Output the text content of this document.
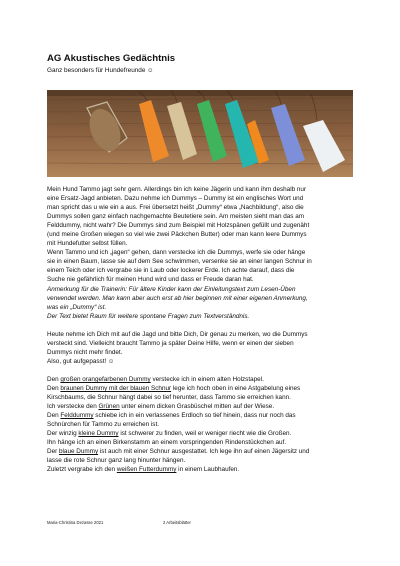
AG Akustisches Gedächtnis
Ganz besonders für Hundefreunde ☺

Mein Hund Tammo jagt sehr gern. Allerdings bin ich keine Jägerin und kann ihm deshalb nur

eine Ersatz-Jagd anbieten. Dazu nehme ich Dummys – Dummy ist ein englisches Wort und

man spricht das u wie ein a aus. Frei übersetzt heißt „Dummy“ etwa „Nachbildung“, also die

Dummys sollen ganz einfach nachgemachte Beutetiere sein. Am meisten sieht man das am

Felddummy, nicht wahr? Die Dummys sind zum Beispiel mit Holzspänen gefüllt und zugenäht

(und meine Großen wiegen so viel wie zwei Päckchen Butter) oder man kann leere Dummys

mit Hundefutter selbst füllen.

Wenn Tammo und ich „jagen“ gehen, dann verstecke ich die Dummys, werfe sie oder hänge

sie in einen Baum, lasse sie auf dem See schwimmen, versenke sie an einer langen Schnur in

einem Teich oder ich vergrabe sie in Laub oder lockerer Erde. Ich achte darauf, dass die

Suche nie gefährlich für meinen Hund wird und dass er Freude daran hat.

Anmerkung für die Trainerin: Für ältere Kinder kann der Einleitungstext zum Lesen-Üben

verwendet werden. Man kann aber auch erst ab hier beginnen mit einer eigenen Anmerkung,

was ein „Dummy“ ist.

Der Text bietet Raum für weitere spontane Fragen zum Textverständnis.

Heute nehme ich Dich mit auf die Jagd und bitte Dich, Dir genau zu merken, wo die Dummys

versteckt sind. Vielleicht braucht Tammo ja später Deine Hilfe, wenn er einen der sieben

Dummys nicht mehr findet.

Also, gut aufgepasst! ☺

Den großen orangefarbenen Dummy verstecke ich in einem alten Holzstapel.

Den braunen Dummy mit der blauen Schnur lege ich hoch oben in eine Astgabelung eines

Kirschbaums, die Schnur hängt dabei so tief herunter, dass Tammo sie erreichen kann.

Ich verstecke den Grünen unter einem dicken Grasbüschel mitten auf der Wiese.

Den Felddummy schiebe ich in ein verlassenes Erdloch so tief hinein, dass nur noch das

Schnürchen für Tammo zu erreichen ist.

Der winzig kleine Dummy ist schwerer zu finden, weil er weniger riecht wie die Großen.

Ihn hänge ich an einen Birkenstamm an einem vorspringenden Rindenstückchen auf.

Der blaue Dummy ist auch mit einer Schnur ausgestattet. Ich lege ihn auf einen Jägersitz und

lasse die rote Schnur ganz lang hinunter hängen.

Zuletzt vergrabe ich den weißen Futterdummy in einem Laubhaufen.

Maria-Christina Dezasse 2021	2 Arbeitsblätter
